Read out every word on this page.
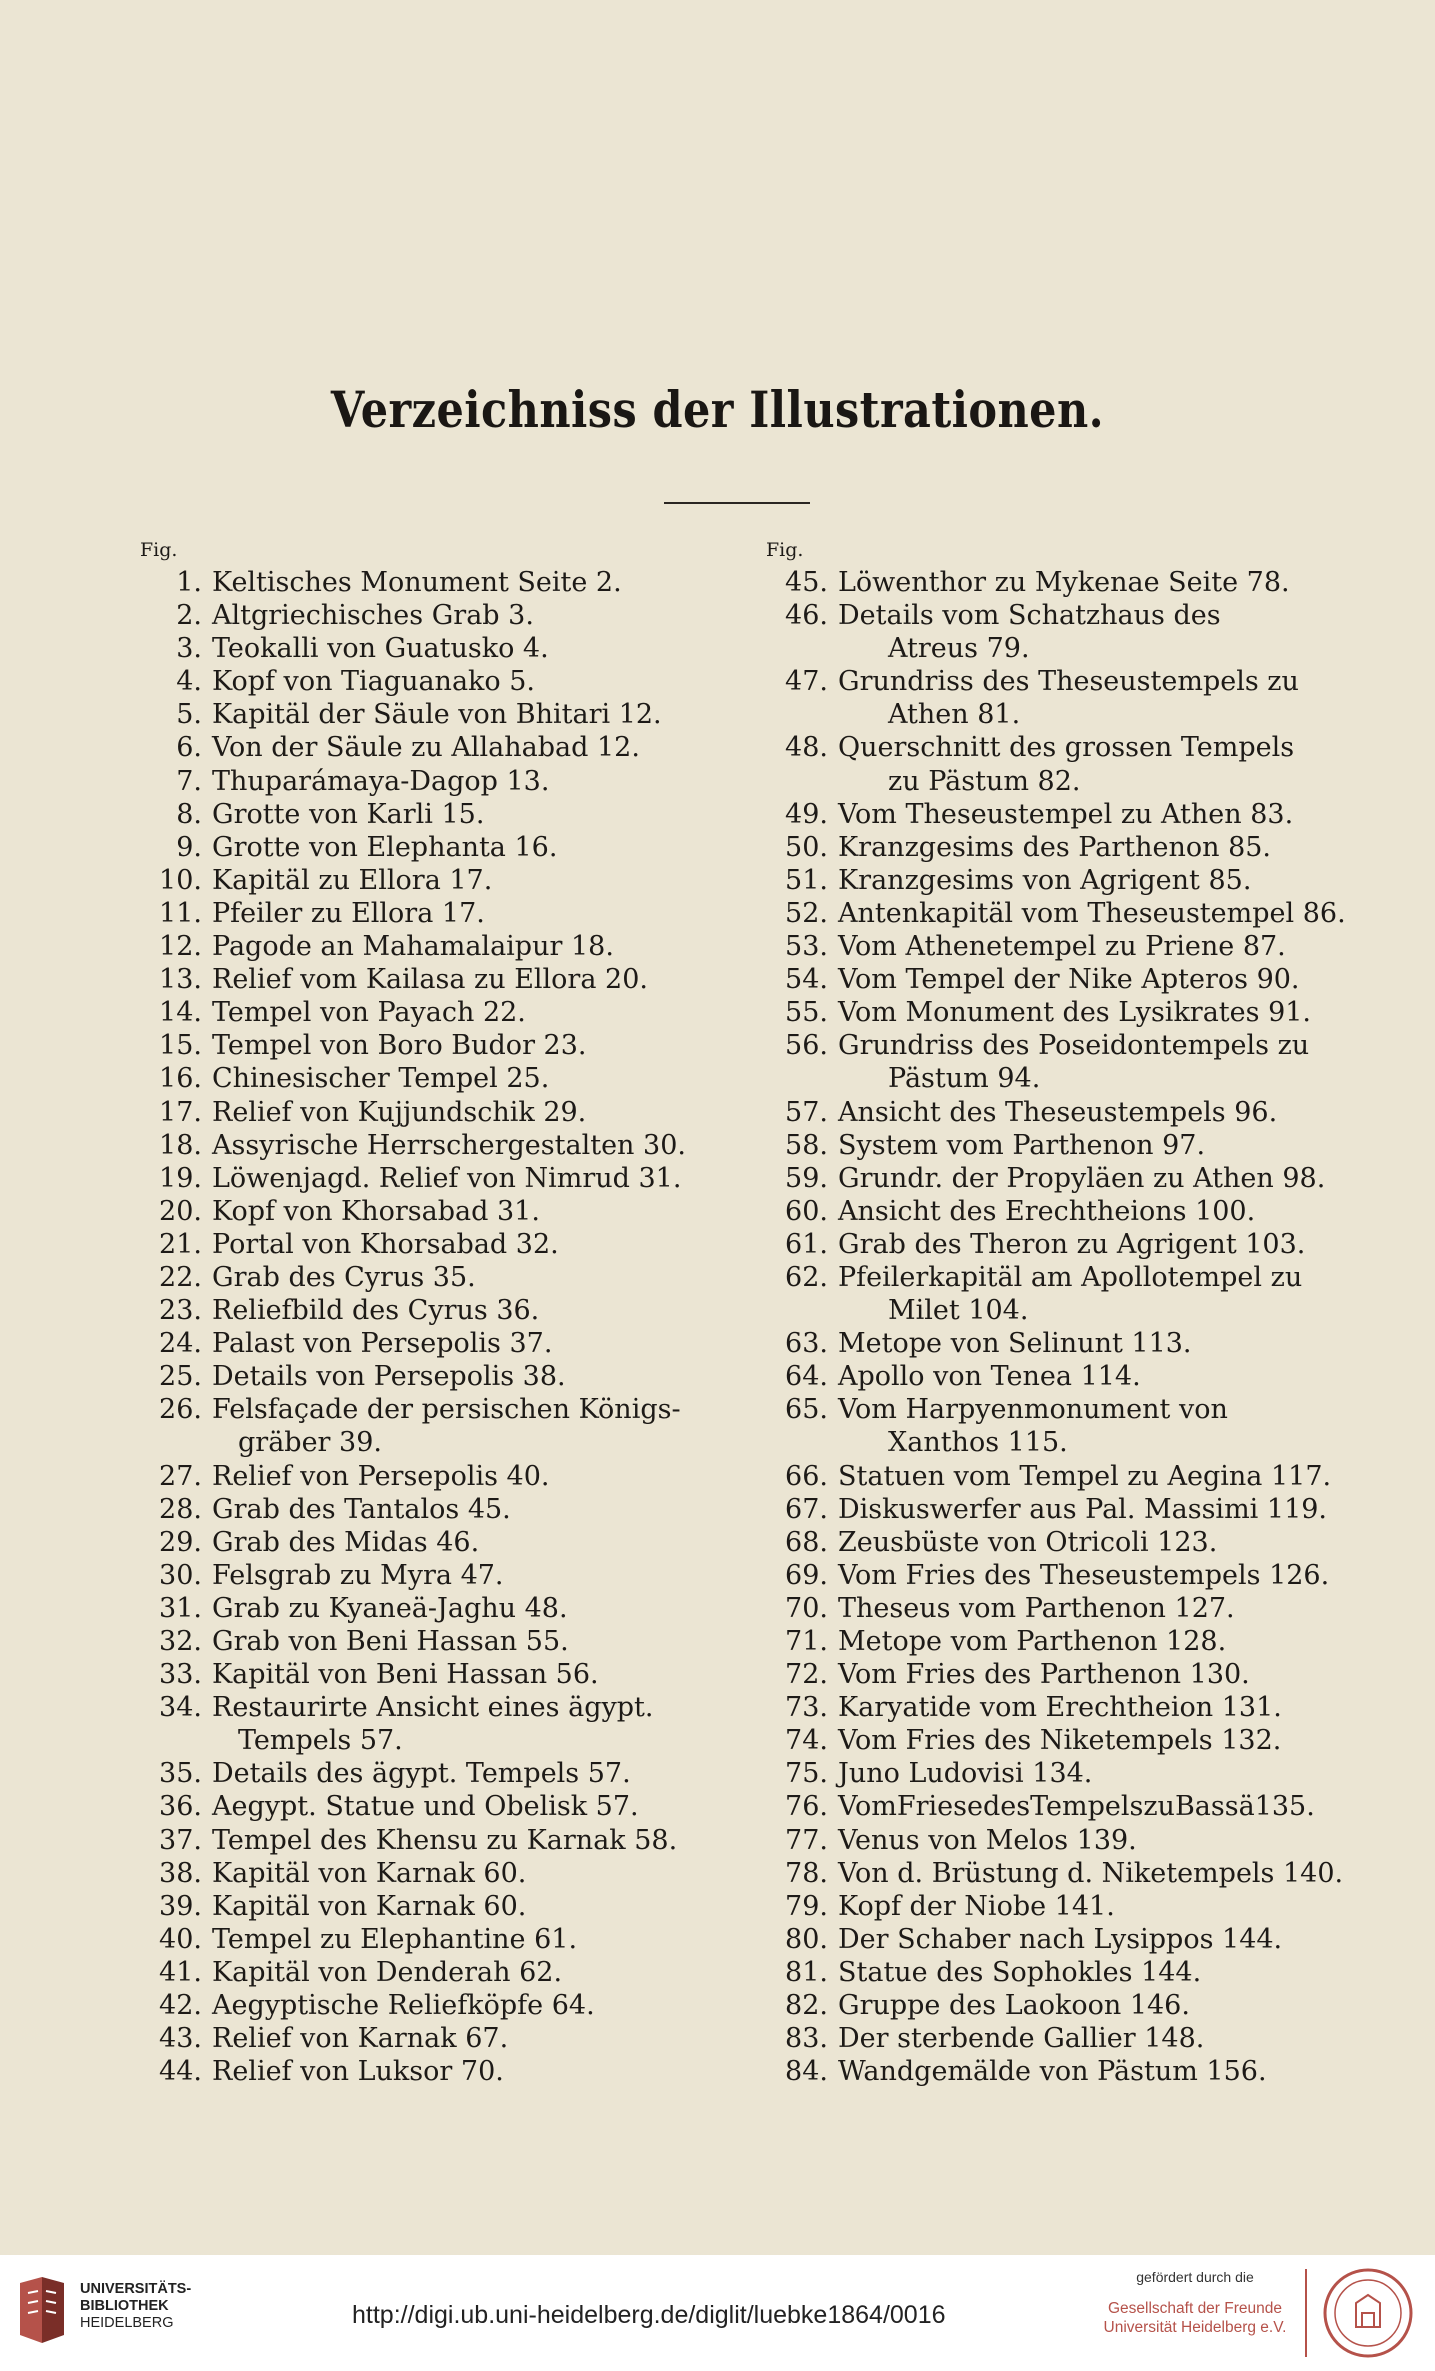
Verzeichniss der Illustrationen.
Fig.
1. Keltisches Monument Seite 2.
2. Altgriechisches Grab 3.
3. Teokalli von Guatusko 4.
4. Kopf von Tiaguanako 5.
5. Kapitäl der Säule von Bhitari 12.
6. Von der Säule zu Allahabad 12.
7. Thuparámaya-Dagop 13.
8. Grotte von Karli 15.
9. Grotte von Elephanta 16.
10. Kapitäl zu Ellora 17.
11. Pfeiler zu Ellora 17.
12. Pagode an Mahamalaipur 18.
13. Relief vom Kailasa zu Ellora 20.
14. Tempel von Payach 22.
15. Tempel von Boro Budor 23.
16. Chinesischer Tempel 25.
17. Relief von Kujjundschik 29.
18. Assyrische Herrschergestalten 30.
19. Löwenjagd. Relief von Nimrud 31.
20. Kopf von Khorsabad 31.
21. Portal von Khorsabad 32.
22. Grab des Cyrus 35.
23. Reliefbild des Cyrus 36.
24. Palast von Persepolis 37.
25. Details von Persepolis 38.
26. Felsfaçade der persischen Königs-
gräber 39.
27. Relief von Persepolis 40.
28. Grab des Tantalos 45.
29. Grab des Midas 46.
30. Felsgrab zu Myra 47.
31. Grab zu Kyaneä-Jaghu 48.
32. Grab von Beni Hassan 55.
33. Kapitäl von Beni Hassan 56.
34. Restaurirte Ansicht eines ägypt.
Tempels 57.
35. Details des ägypt. Tempels 57.
36. Aegypt. Statue und Obelisk 57.
37. Tempel des Khensu zu Karnak 58.
38. Kapitäl von Karnak 60.
39. Kapitäl von Karnak 60.
40. Tempel zu Elephantine 61.
41. Kapitäl von Denderah 62.
42. Aegyptische Reliefköpfe 64.
43. Relief von Karnak 67.
44. Relief von Luksor 70.
Fig.
45. Löwenthor zu Mykenae Seite 78.
46. Details vom Schatzhaus des
Atreus 79.
47. Grundriss des Theseustempels zu
Athen 81.
48. Querschnitt des grossen Tempels
zu Pästum 82.
49. Vom Theseustempel zu Athen 83.
50. Kranzgesims des Parthenon 85.
51. Kranzgesims von Agrigent 85.
52. Antenkapitäl vom Theseustempel 86.
53. Vom Athenetempel zu Priene 87.
54. Vom Tempel der Nike Apteros 90.
55. Vom Monument des Lysikrates 91.
56. Grundriss des Poseidontempels zu
Pästum 94.
57. Ansicht des Theseustempels 96.
58. System vom Parthenon 97.
59. Grundr. der Propyläen zu Athen 98.
60. Ansicht des Erechtheions 100.
61. Grab des Theron zu Agrigent 103.
62. Pfeilerkapitäl am Apollotempel zu
Milet 104.
63. Metope von Selinunt 113.
64. Apollo von Tenea 114.
65. Vom Harpyenmonument von
Xanthos 115.
66. Statuen vom Tempel zu Aegina 117.
67. Diskuswerfer aus Pal. Massimi 119.
68. Zeusbüste von Otricoli 123.
69. Vom Fries des Theseustempels 126.
70. Theseus vom Parthenon 127.
71. Metope vom Parthenon 128.
72. Vom Fries des Parthenon 130.
73. Karyatide vom Erechtheion 131.
74. Vom Fries des Niketempels 132.
75. Juno Ludovisi 134.
76. VomFriesedesTempelszuBassä135.
77. Venus von Melos 139.
78. Von d. Brüstung d. Niketempels 140.
79. Kopf der Niobe 141.
80. Der Schaber nach Lysippos 144.
81. Statue des Sophokles 144.
82. Gruppe des Laokoon 146.
83. Der sterbende Gallier 148.
84. Wandgemälde von Pästum 156.
UNIVERSITÄTS-
BIBLIOTHEK
HEIDELBERG	http://digi.ub.uni-heidelberg.de/diglit/luebke1864/0016
gefördert durch die
Gesellschaft der Freunde
Universität Heidelberg e.V.
